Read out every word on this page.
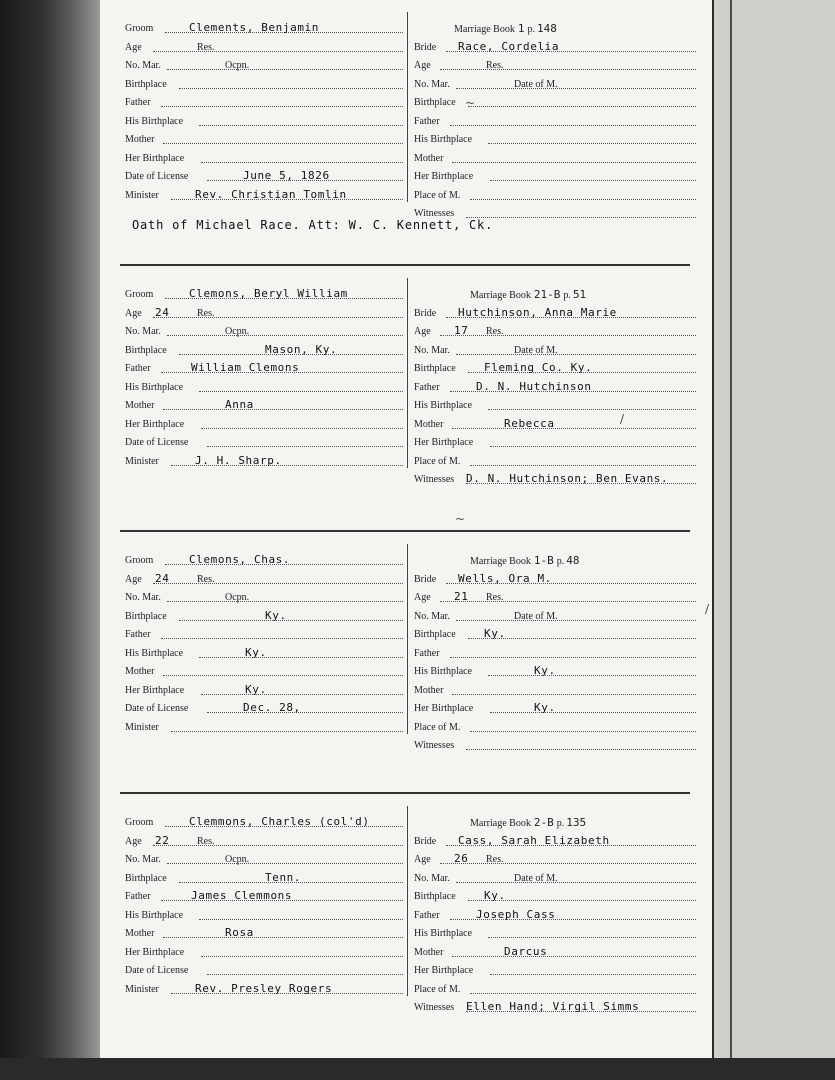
Groom	Clements, Benjamin
Age	Res.
No. Mar.	Ocpn.
Birthplace
Father
His Birthplace
Mother
Her Birthplace
Date of License	June 5, 1826
Minister	Rev. Christian Tomlin
Marriage Book 1 p. 148
Bride Race, Cordelia
Age	Res.
No. Mar.	Date of M.
Birthplace
Father
His Birthplace
Mother
Her Birthplace
Place of M.
Witnesses
Oath of Michael Race. Att: W. C. Kennett, Ck.
Groom	Clemons, Beryl William
Age 24	Res.
No. Mar.	Ocpn.
Birthplace	Mason, Ky.
Father	William Clemons
His Birthplace
Mother	Anna
Her Birthplace
Date of License
Minister	J. H. Sharp.
Marriage Book 21-B p. 51
Bride Hutchinson, Anna Marie
Age 17 Res.
No. Mar.	Date of M.
Birthplace	Fleming Co. Ky.
Father	D. N. Hutchinson
His Birthplace
Mother	Rebecca
Her Birthplace
Place of M.
Witnesses D. N. Hutchinson; Ben Evans.
Groom	Clemons, Chas.
Age 24	Res.
No. Mar.	Ocpn.
Birthplace	Ky.
Father
His Birthplace	Ky.
Mother
Her Birthplace	Ky.
Date of License	Dec. 28,
Minister
Marriage Book 1-B p. 48
Bride Wells, Ora M.
Age 21 Res.
No. Mar.	Date of M.
Birthplace	Ky.
Father
His Birthplace	Ky.
Mother
Her Birthplace	Ky.
Place of M.
Witnesses
Groom	Clemmons, Charles (col'd)
Age 22	Res.
No. Mar.	Ocpn.
Birthplace	Tenn.
Father	James Clemmons
His Birthplace
Mother	Rosa
Her Birthplace
Date of License
Minister	Rev. Presley Rogers
Marriage Book 2-B p. 135
Bride Cass, Sarah Elizabeth
Age 26 Res.
No. Mar.	Date of M.
Birthplace	Ky.
Father	Joseph Cass
His Birthplace
Mother	Darcus
Her Birthplace
Place of M.
Witnesses Ellen Hand; Virgil Simms
~
/
~
/
